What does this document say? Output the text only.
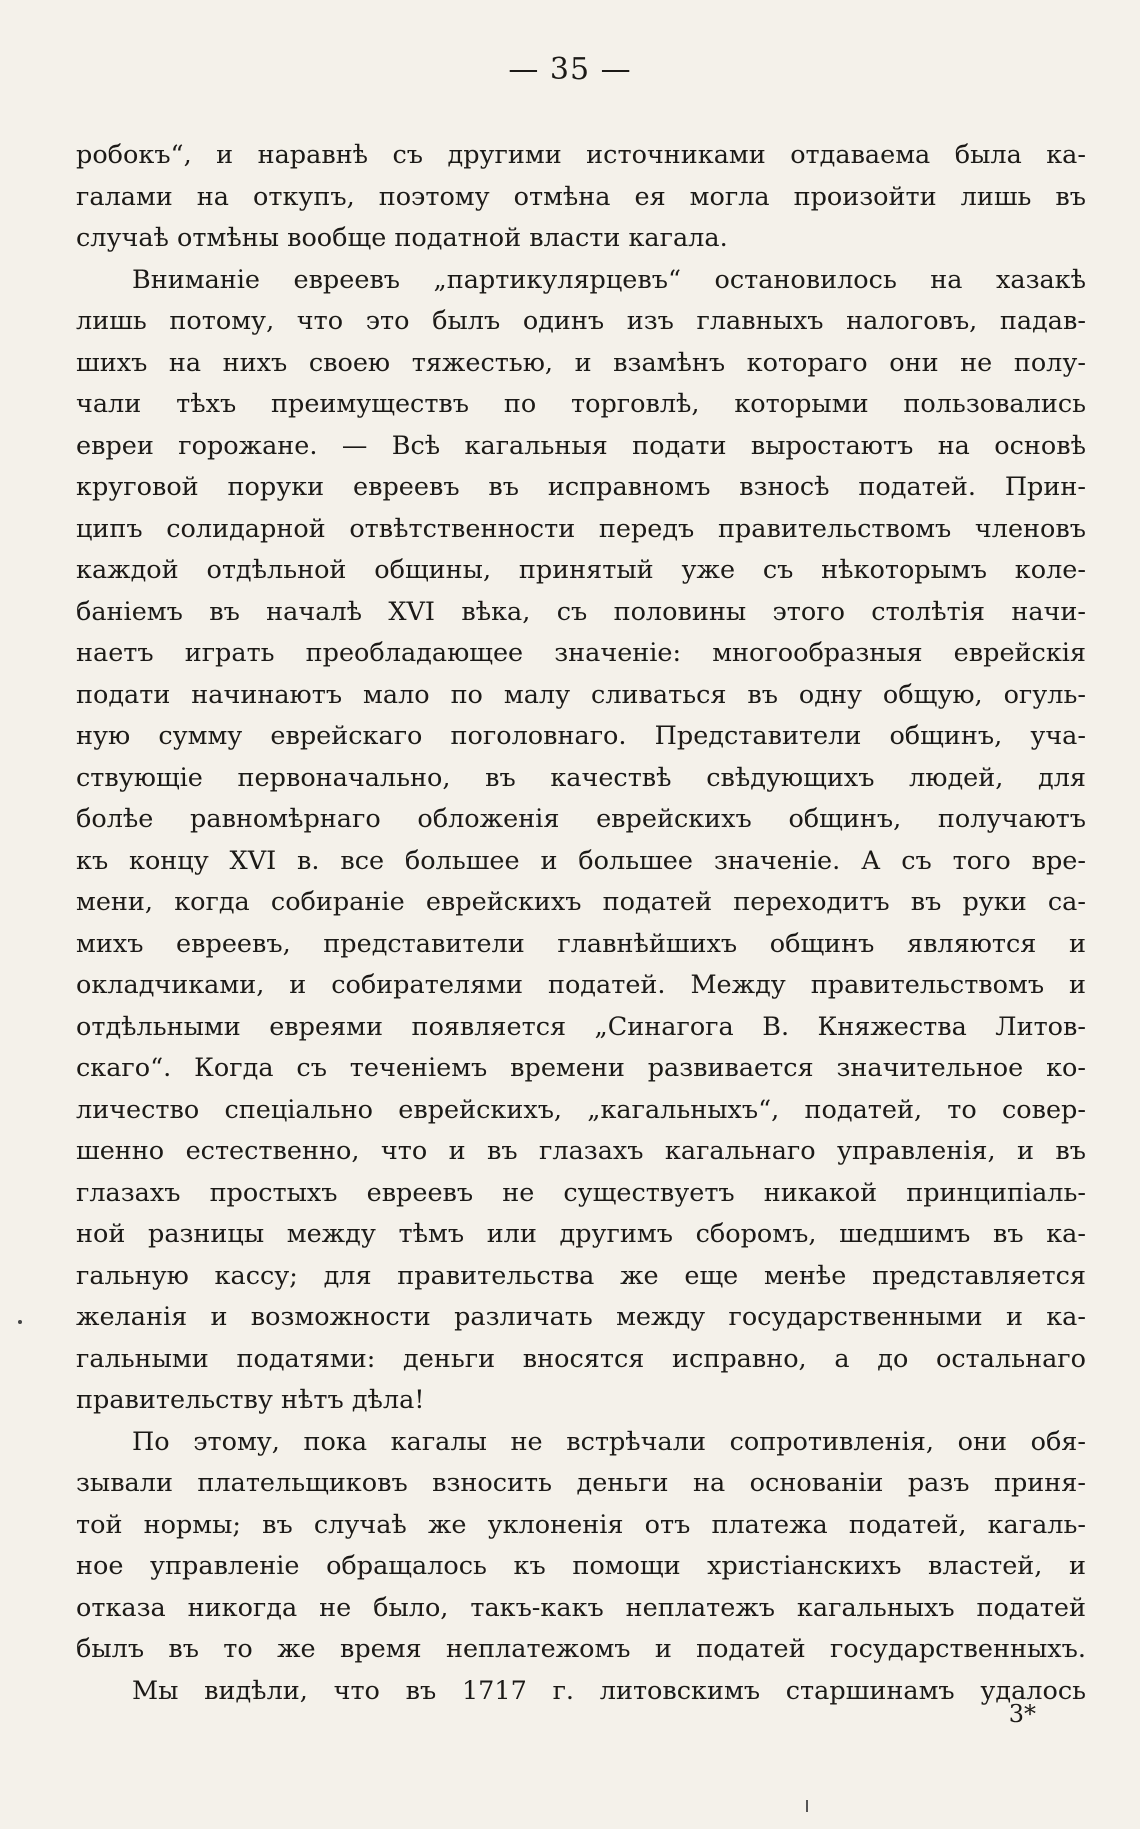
— 35 —
робокъ“, и наравнѣ съ другими источниками отдаваема была ка-
галами на откупъ, поэтому отмѣна ея могла произойти лишь въ
случаѣ отмѣны вообще податной власти кагала.
Вниманіе евреевъ „партикулярцевъ“ остановилось на хазакѣ
лишь потому, что это былъ одинъ изъ главныхъ налоговъ, падав-
шихъ на нихъ своею тяжестью, и взамѣнъ котораго они не полу-
чали тѣхъ преимуществъ по торговлѣ, которыми пользовались
евреи горожане. — Всѣ кагальныя подати выростаютъ на основѣ
круговой поруки евреевъ въ исправномъ взносѣ податей. Прин-
ципъ солидарной отвѣтственности передъ правительствомъ членовъ
каждой отдѣльной общины, принятый уже съ нѣкоторымъ коле-
баніемъ въ началѣ XVI вѣка, съ половины этого столѣтія начи-
наетъ играть преобладающее значеніе: многообразныя еврейскія
подати начинаютъ мало по малу сливаться въ одну общую, огуль-
ную сумму еврейскаго поголовнаго. Представители общинъ, уча-
ствующіе первоначально, въ качествѣ свѣдующихъ людей, для
болѣе равномѣрнаго обложенія еврейскихъ общинъ, получаютъ
къ концу XVI в. все большее и большее значеніе. А съ того вре-
мени, когда собираніе еврейскихъ податей переходитъ въ руки са-
михъ евреевъ, представители главнѣйшихъ общинъ являются и
окладчиками, и собирателями податей. Между правительствомъ и
отдѣльными евреями появляется „Синагога В. Княжества Литов-
скаго“. Когда съ теченіемъ времени развивается значительное ко-
личество спеціально еврейскихъ, „кагальныхъ“, податей, то совер-
шенно естественно, что и въ глазахъ кагальнаго управленія, и въ
глазахъ простыхъ евреевъ не существуетъ никакой принципіаль-
ной разницы между тѣмъ или другимъ сборомъ, шедшимъ въ ка-
гальную кассу; для правительства же еще менѣе представляется
желанія и возможности различать между государственными и ка-
гальными податями: деньги вносятся исправно, а до остальнаго
правительству нѣтъ дѣла!
По этому, пока кагалы не встрѣчали сопротивленія, они обя-
зывали плательщиковъ взносить деньги на основаніи разъ приня-
той нормы; въ случаѣ же уклоненія отъ платежа податей, кагаль-
ное управленіе обращалось къ помощи христіанскихъ властей, и
отказа никогда не было, такъ-какъ неплатежъ кагальныхъ податей
былъ въ то же время неплатежомъ и податей государственныхъ.
Мы видѣли, что въ 1717 г. литовскимъ старшинамъ удалось
3*
